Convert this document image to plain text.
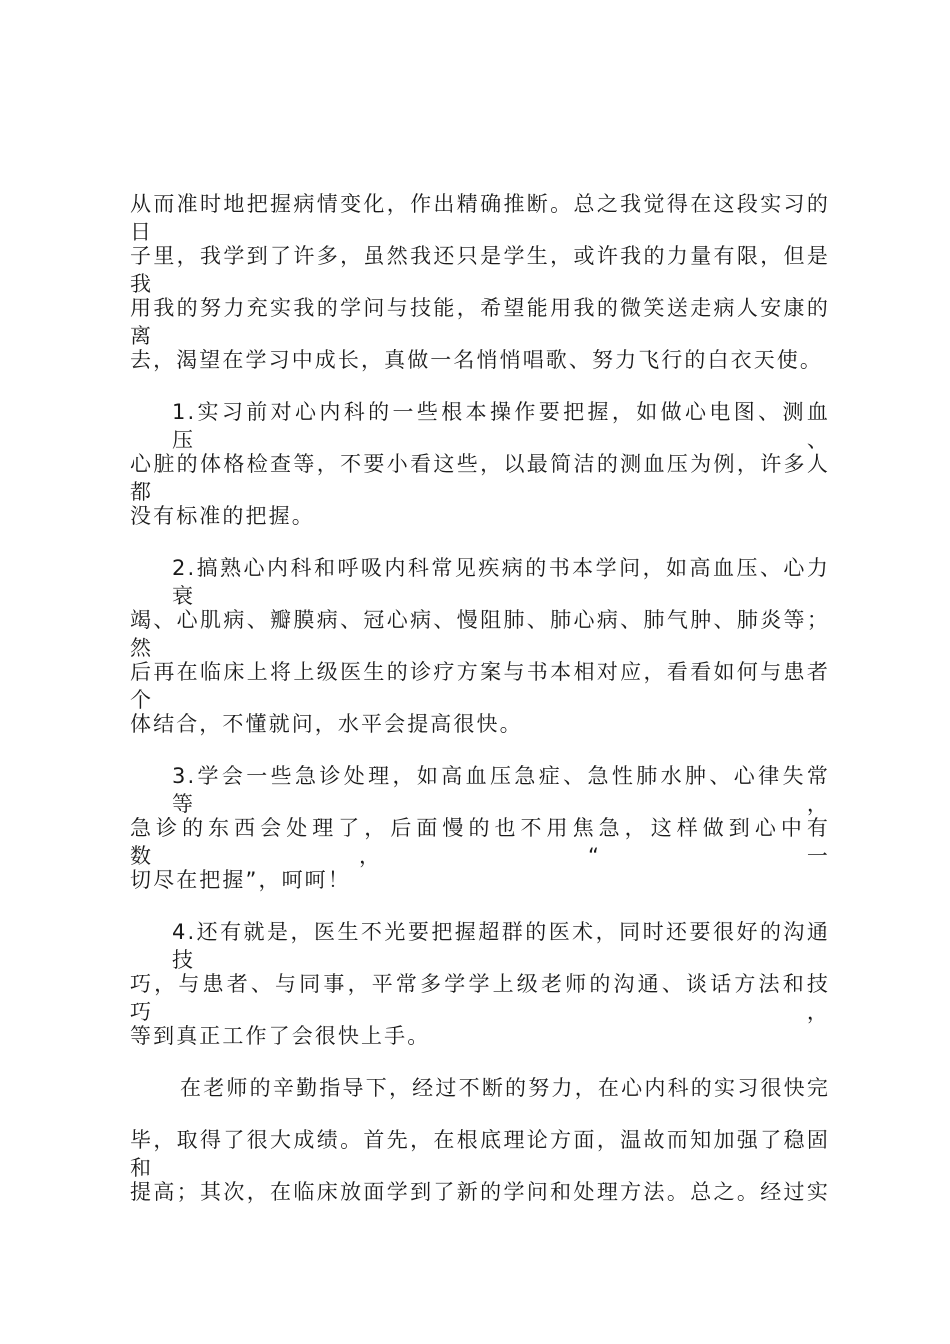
从而准时地把握病情变化，作出精确推断。总之我觉得在这段实习的日
子里，我学到了许多，虽然我还只是学生，或许我的力量有限，但是我
用我的努力充实我的学问与技能，希望能用我的微笑送走病人安康的离
去，渴望在学习中成长，真做一名悄悄唱歌、努力飞行的白衣天使。
1.实习前对心内科的一些根本操作要把握，如做心电图、测血压、
心脏的体格检查等，不要小看这些，以最简洁的测血压为例，许多人都
没有标准的把握。
2.搞熟心内科和呼吸内科常见疾病的书本学问，如高血压、心力衰
竭、心肌病、瓣膜病、冠心病、慢阻肺、肺心病、肺气肿、肺炎等；然
后再在临床上将上级医生的诊疗方案与书本相对应，看看如何与患者个
体结合，不懂就问，水平会提高很快。
3.学会一些急诊处理，如高血压急症、急性肺水肿、心律失常等，
急诊的东西会处理了，后面慢的也不用焦急，这样做到心中有数，“一
切尽在把握”，呵呵！
4.还有就是，医生不光要把握超群的医术，同时还要很好的沟通技
巧，与患者、与同事，平常多学学上级老师的沟通、谈话方法和技巧，
等到真正工作了会很快上手。
在老师的辛勤指导下，经过不断的努力，在心内科的实习很快完
毕，取得了很大成绩。首先，在根底理论方面，温故而知加强了稳固和
提高；其次，在临床放面学到了新的学问和处理方法。总之。经过实
